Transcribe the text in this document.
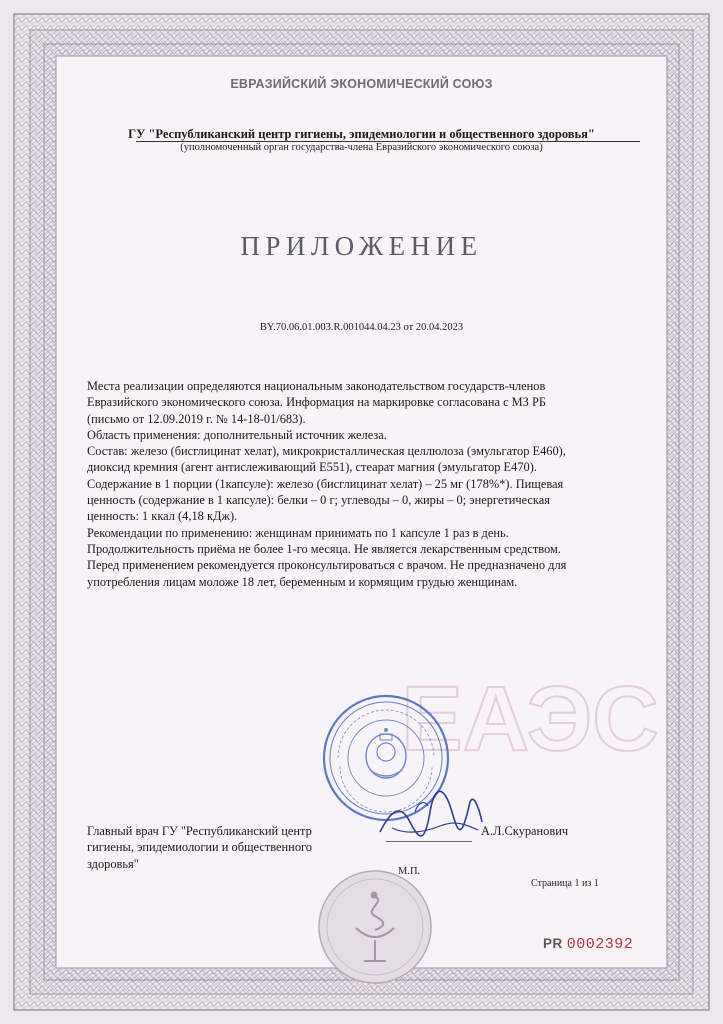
ЕАЭС
ЕВРАЗИЙСКИЙ ЭКОНОМИЧЕСКИЙ СОЮЗ
ГУ "Республиканский центр гигиены, эпидемиологии и общественного здоровья"
(уполномоченный орган государства-члена Евразийского экономического союза)
ПРИЛОЖЕНИЕ
BY.70.06.01.003.R.001044.04.23 от 20.04.2023

Места реализации определяются национальным законодательством государств-членов

Евразийского экономического союза. Информация на маркировке согласована с МЗ РБ

(письмо от 12.09.2019 г. № 14-18-01/683).

Область применения: дополнительный источник железа.

Состав: железо (бисглицинат хелат), микрокристаллическая целлюлоза (эмульгатор Е460),

диоксид кремния (агент антислеживающий Е551), стеарат магния (эмульгатор Е470).

Содержание в 1 порции (1капсуле): железо (бисглицинат хелат) – 25 мг (178%*). Пищевая

ценность (содержание в 1 капсуле): белки – 0 г; углеводы – 0, жиры – 0; энергетическая

ценность: 1 ккал (4,18 кДж).

Рекомендации по применению: женщинам принимать по 1 капсуле 1 раз в день.

Продолжительность приёма не более 1-го месяца. Не является лекарственным средством.

Перед применением рекомендуется проконсультироваться с врачом. Не предназначено для

употребления лицам моложе 18 лет, беременным и кормящим грудью женщинам.

Главный врач ГУ "Республиканский центр
гигиены, эпидемиологии и общественного
здоровья"
А.Л.Скуранович
М.П.
Страница 1 из 1
PR 0002392
